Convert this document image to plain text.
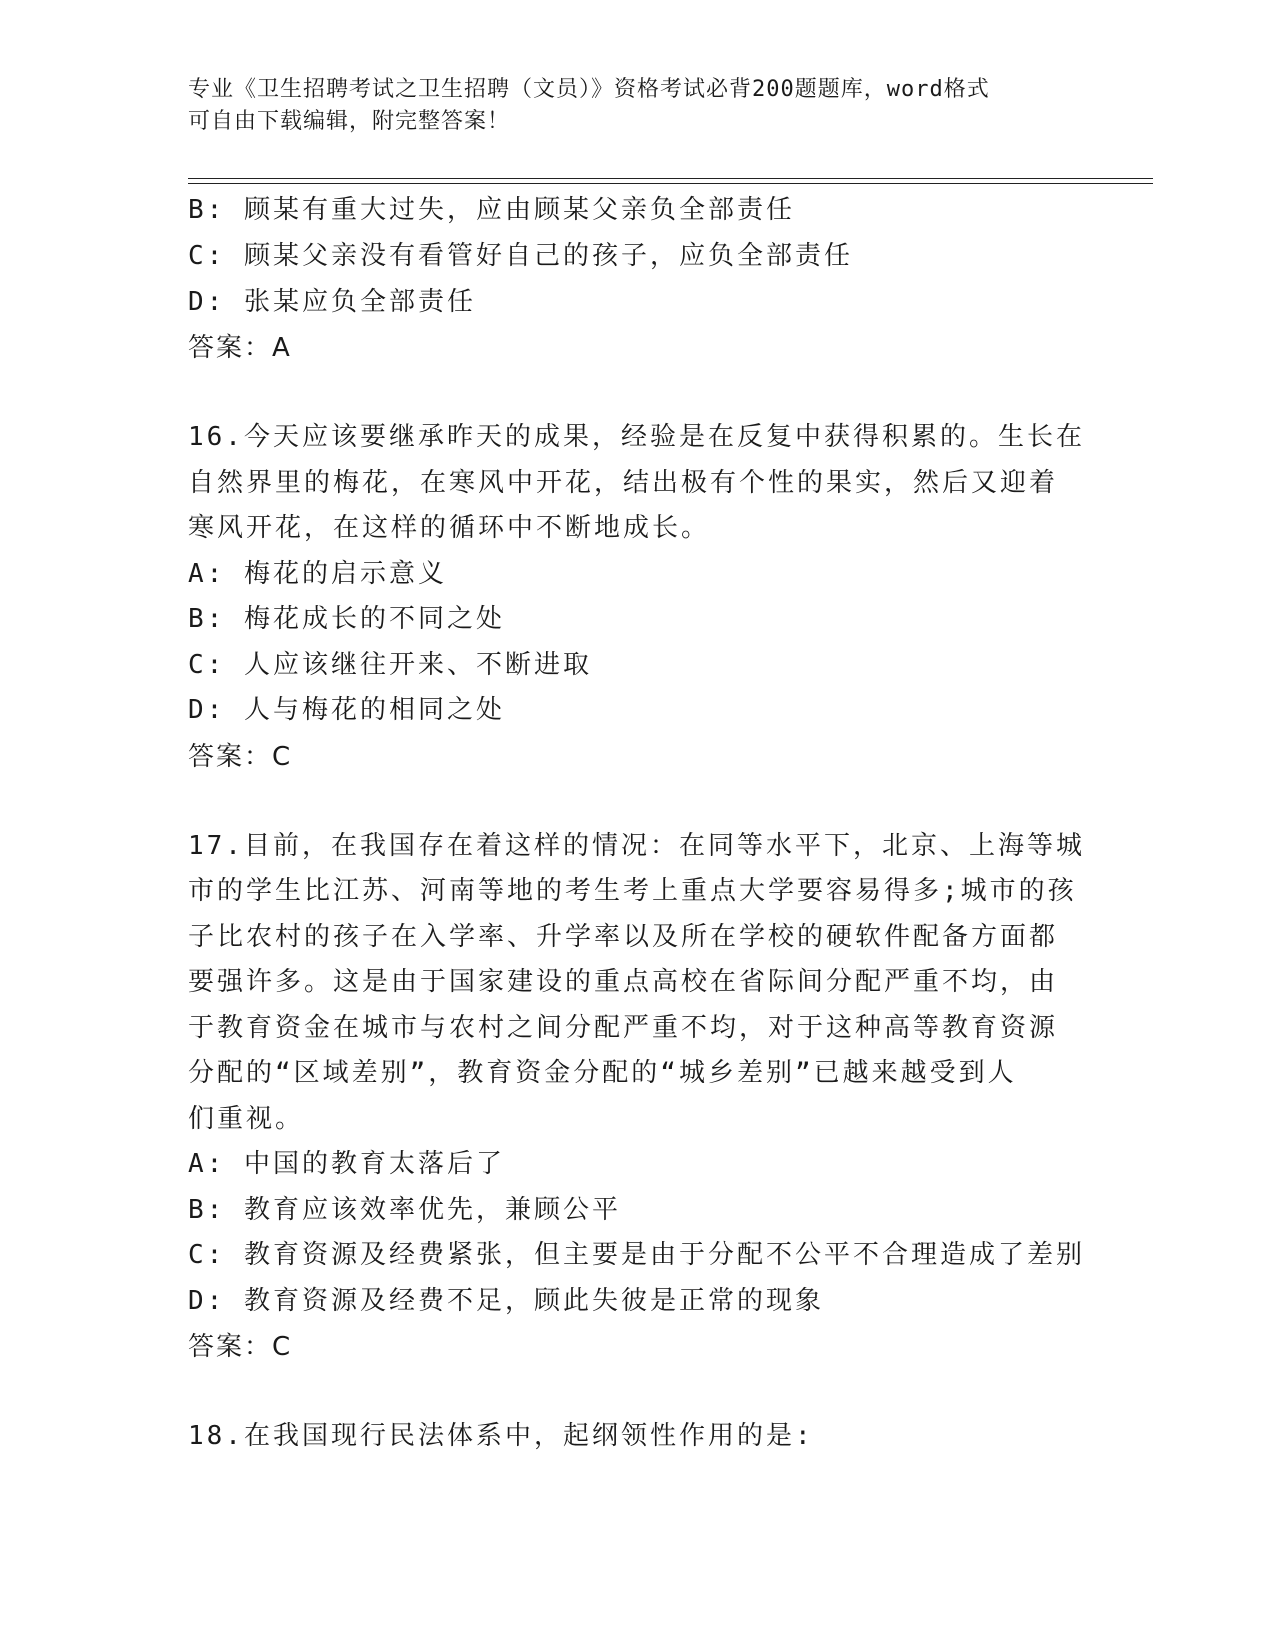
专业《卫生招聘考试之卫生招聘（文员）》资格考试必背200题题库，word格式
可自由下载编辑，附完整答案！
B: 顾某有重大过失，应由顾某父亲负全部责任
C: 顾某父亲没有看管好自己的孩子，应负全部责任
D: 张某应负全部责任
答案：A
16.今天应该要继承昨天的成果，经验是在反复中获得积累的。生长在
自然界里的梅花，在寒风中开花，结出极有个性的果实，然后又迎着
寒风开花，在这样的循环中不断地成长。
A: 梅花的启示意义
B: 梅花成长的不同之处
C: 人应该继往开来、不断进取
D: 人与梅花的相同之处
答案：C
17.目前，在我国存在着这样的情况：在同等水平下，北京、上海等城
市的学生比江苏、河南等地的考生考上重点大学要容易得多;城市的孩
子比农村的孩子在入学率、升学率以及所在学校的硬软件配备方面都
要强许多。这是由于国家建设的重点高校在省际间分配严重不均，由
于教育资金在城市与农村之间分配严重不均，对于这种高等教育资源
分配的“区域差别”，教育资金分配的“城乡差别”已越来越受到人
们重视。
A: 中国的教育太落后了
B: 教育应该效率优先，兼顾公平
C: 教育资源及经费紧张，但主要是由于分配不公平不合理造成了差别
D: 教育资源及经费不足，顾此失彼是正常的现象
答案：C
18.在我国现行民法体系中，起纲领性作用的是:
